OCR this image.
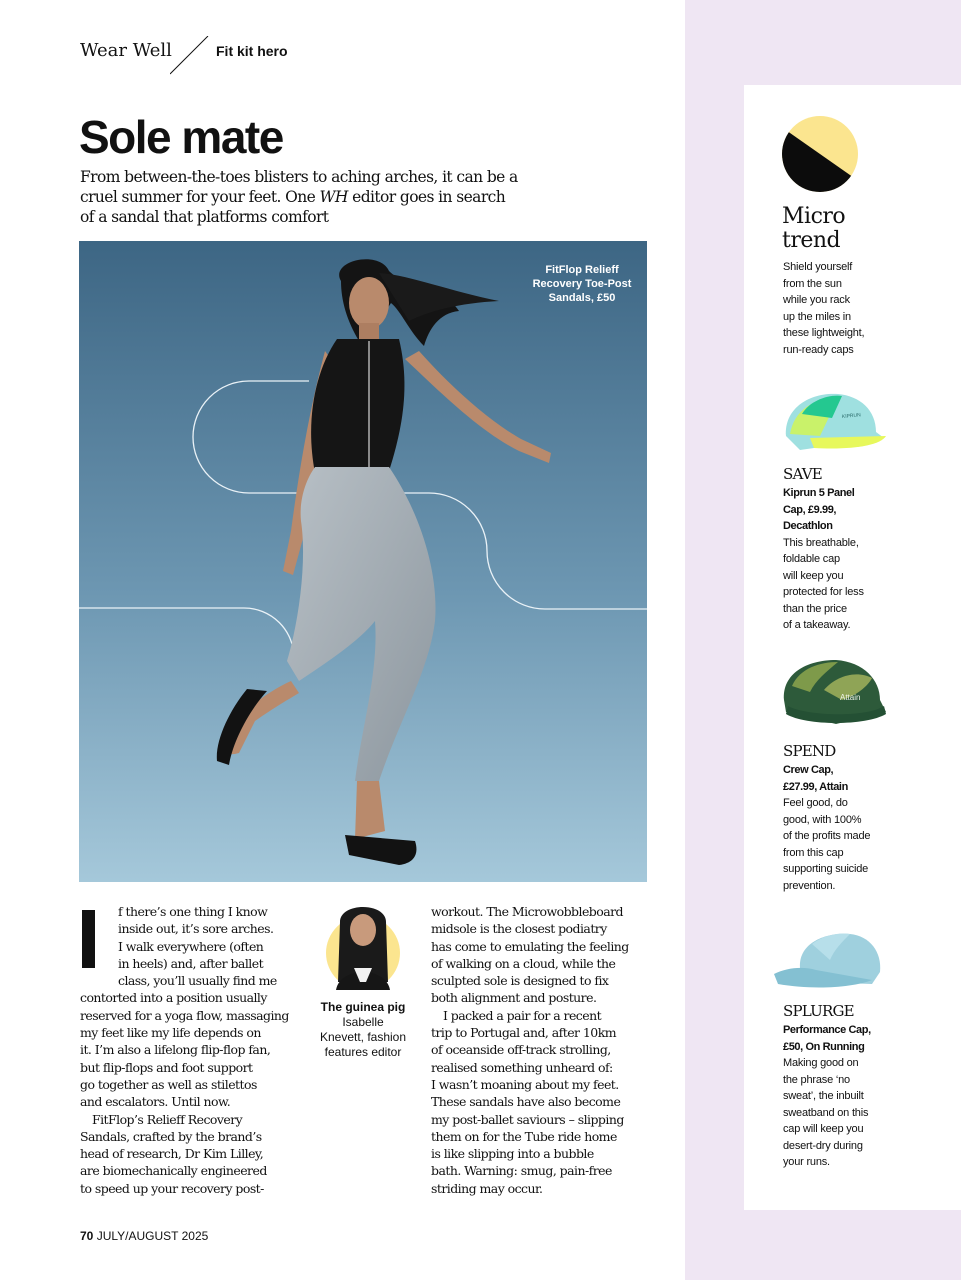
Wear Well	Fit kit hero
Sole mate
From between-the-toes blisters to aching arches, it can be a cruel summer for your feet. One WH editor goes in search of a sandal that platforms comfort
FitFlop Relieff Recovery Toe-Post Sandals, £50

f there’s one thing I know

inside out, it’s sore arches.

I walk everywhere (often

in heels) and, after ballet

class, you’ll usually find me

contorted into a position usually

reserved for a yoga flow, massaging

my feet like my life depends on

it. I’m also a lifelong flip-flop fan,

but flip-flops and foot support

go together as well as stilettos

and escalators. Until now.

 FitFlop’s Relieff Recovery

Sandals, crafted by the brand’s

head of research, Dr Kim Lilley,

are biomechanically engineered

to speed up your recovery post-

The guinea pig
Isabelle
Knevett, fashion
features editor

workout. The Microwobbleboard

midsole is the closest podiatry

has come to emulating the feeling

of walking on a cloud, while the

sculpted sole is designed to fix

both alignment and posture.

 I packed a pair for a recent

trip to Portugal and, after 10km

of oceanside off-track strolling,

realised something unheard of:

I wasn’t moaning about my feet.

These sandals have also become

my post-ballet saviours – slipping

them on for the Tube ride home

is like slipping into a bubble

bath. Warning: smug, pain-free

striding may occur.

70 JULY/AUGUST 2025
Micro
trend
Shield yourself
from the sun
while you rack
up the miles in
these lightweight,
run-ready caps
KIPRUN
SAVE
Kiprun 5 Panel
Cap, £9.99,
Decathlon
This breathable,
foldable cap
will keep you
protected for less
than the price
of a takeaway.
Attain
SPEND
Crew Cap,
£27.99, Attain
Feel good, do
good, with 100%
of the profits made
from this cap
supporting suicide
prevention.
SPLURGE
Performance Cap,
£50, On Running
Making good on
the phrase ‘no
sweat’, the inbuilt
sweatband on this
cap will keep you
desert-dry during
your runs.
